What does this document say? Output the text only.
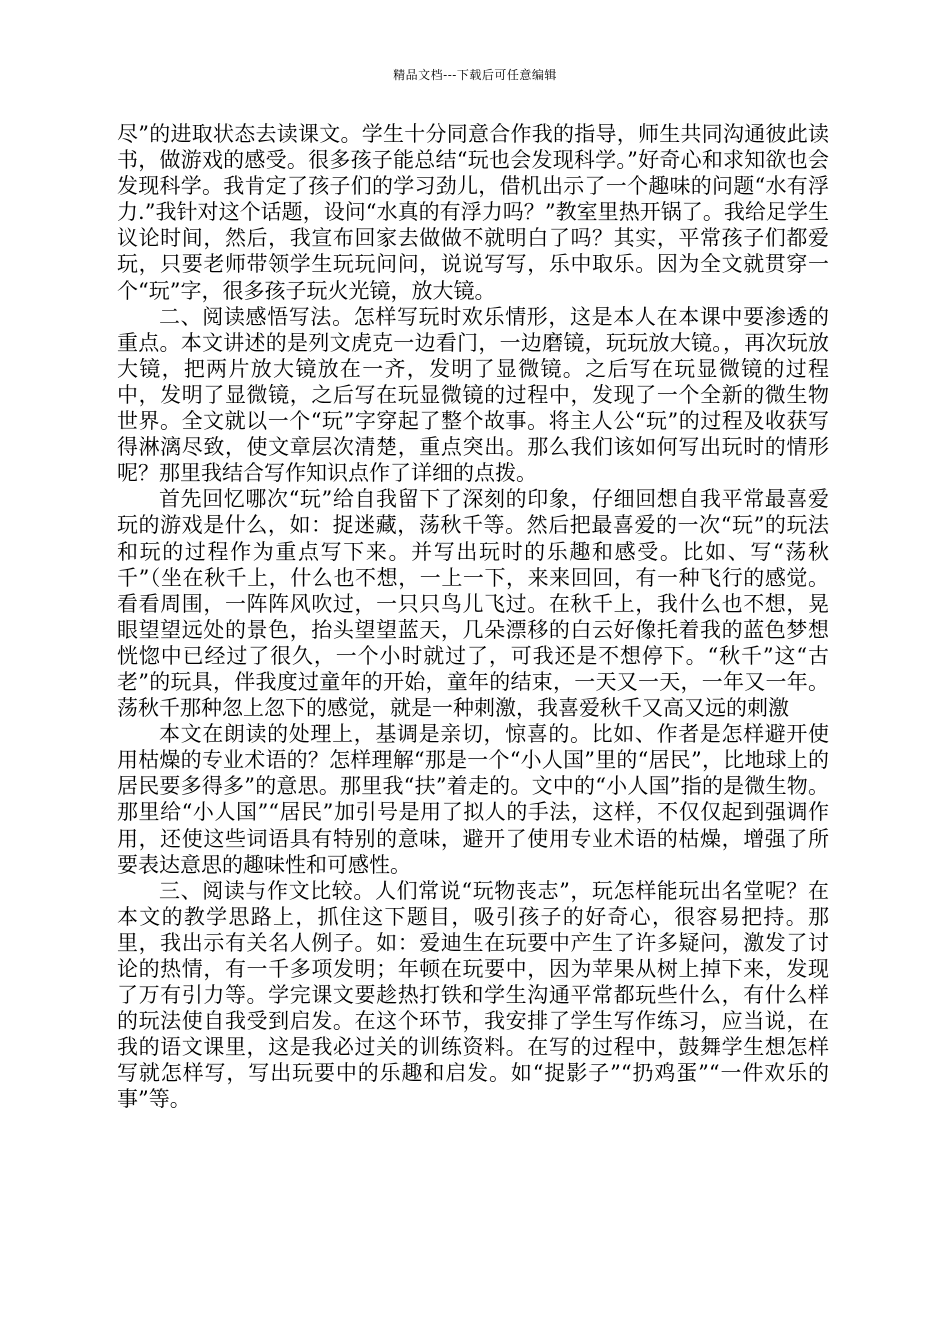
精品文档---下载后可任意编辑

尽”的进取状态去读课文。学生十分同意合作我的指导，师生共同沟通彼此读书，做游戏的感受。很多孩子能总结“玩也会发现科学。”好奇心和求知欲也会发现科学。我肯定了孩子们的学习劲儿，借机出示了一个趣味的问题“水有浮力.”我针对这个话题，设问“水真的有浮力吗？”教室里热开锅了。我给足学生议论时间，然后，我宣布回家去做做不就明白了吗？其实，平常孩子们都爱玩，只要老师带领学生玩玩问问，说说写写，乐中取乐。因为全文就贯穿一个“玩”字，很多孩子玩火光镜，放大镜。

二、阅读感悟写法。怎样写玩时欢乐情形，这是本人在本课中要渗透的重点。本文讲述的是列文虎克一边看门，一边磨镜，玩玩放大镜。，再次玩放大镜，把两片放大镜放在一齐，发明了显微镜。之后写在玩显微镜的过程中，发明了显微镜，之后写在玩显微镜的过程中，发现了一个全新的微生物世界。全文就以一个“玩”字穿起了整个故事。将主人公“玩”的过程及收获写得淋漓尽致，使文章层次清楚，重点突出。那么我们该如何写出玩时的情形呢？那里我结合写作知识点作了详细的点拨。

首先回忆哪次“玩”给自我留下了深刻的印象，仔细回想自我平常最喜爱玩的游戏是什么，如：捉迷藏，荡秋千等。然后把最喜爱的一次“玩”的玩法和玩的过程作为重点写下来。并写出玩时的乐趣和感受。比如、写“荡秋千”（坐在秋千上，什么也不想，一上一下，来来回回，有一种飞行的感觉。看看周围，一阵阵风吹过，一只只鸟儿飞过。在秋千上，我什么也不想，晃眼望望远处的景色，抬头望望蓝天，几朵漂移的白云好像托着我的蓝色梦想恍惚中已经过了很久，一个小时就过了，可我还是不想停下。“秋千”这“古老”的玩具，伴我度过童年的开始，童年的结束，一天又一天，一年又一年。荡秋千那种忽上忽下的感觉，就是一种刺激，我喜爱秋千又高又远的刺激

本文在朗读的处理上，基调是亲切，惊喜的。比如、作者是怎样避开使用枯燥的专业术语的？怎样理解“那是一个“小人国”里的“居民”，比地球上的居民要多得多”的意思。那里我“扶”着走的。文中的“小人国”指的是微生物。那里给“小人国”“居民”加引号是用了拟人的手法，这样，不仅仅起到强调作用，还使这些词语具有特别的意味，避开了使用专业术语的枯燥，增强了所要表达意思的趣味性和可感性。

三、阅读与作文比较。人们常说“玩物丧志”，玩怎样能玩出名堂呢？在本文的教学思路上，抓住这下题目，吸引孩子的好奇心，很容易把持。那里，我出示有关名人例子。如：爱迪生在玩要中产生了许多疑问，激发了讨论的热情，有一千多项发明；年顿在玩要中，因为苹果从树上掉下来，发现了万有引力等。学完课文要趁热打铁和学生沟通平常都玩些什么，有什么样的玩法使自我受到启发。在这个环节，我安排了学生写作练习，应当说，在我的语文课里，这是我必过关的训练资料。在写的过程中，鼓舞学生想怎样写就怎样写，写出玩要中的乐趣和启发。如“捉影子”“扔鸡蛋”“一件欢乐的事”等。
